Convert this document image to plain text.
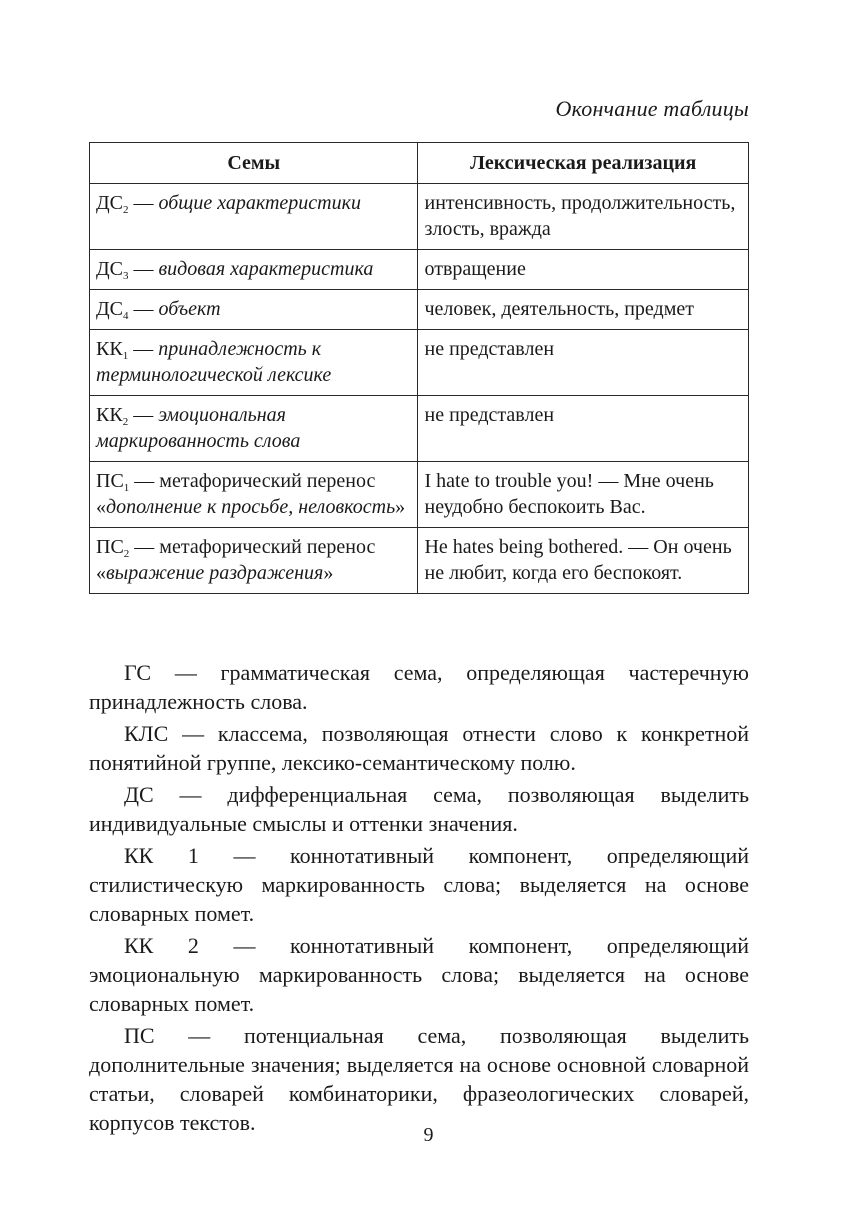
Окончание таблицы
Семы	Лексическая реализация
$ДС_2$ — общие характеристики	интенсивность, продолжительность, злость, вражда
$ДС_3$ — видовая характеристика	отвращение
$ДС_4$ — объект	человек, деятельность, предмет
$КК_1$ — принадлежность к терминологической лексике	не представлен
$КК_2$ — эмоциональная маркированность слова	не представлен
$ПС_1$ — метафорический перенос «дополнение к просьбе, неловкость»	I hate to trouble you! — Мне очень неудобно беспокоить Вас.
$ПС_2$ — метафорический перенос «выражение раздражения»	He hates being bothered. — Он очень не любит, когда его беспокоят.

ГС — грамматическая сема, определяющая частеречную принадлежность слова.

КЛС — классема, позволяющая отнести слово к конкретной понятийной группе, лексико-семантическому полю.

ДС — дифференциальная сема, позволяющая выделить индивидуальные смыслы и оттенки значения.

КК 1 — коннотативный компонент, определяющий стилистическую маркированность слова; выделяется на основе словарных помет.

КК 2 — коннотативный компонент, определяющий эмоциональную маркированность слова; выделяется на основе словарных помет.

ПС — потенциальная сема, позволяющая выделить дополнительные значения; выделяется на основе основной словарной статьи, словарей комбинаторики, фразеологических словарей, корпусов текстов.	9
